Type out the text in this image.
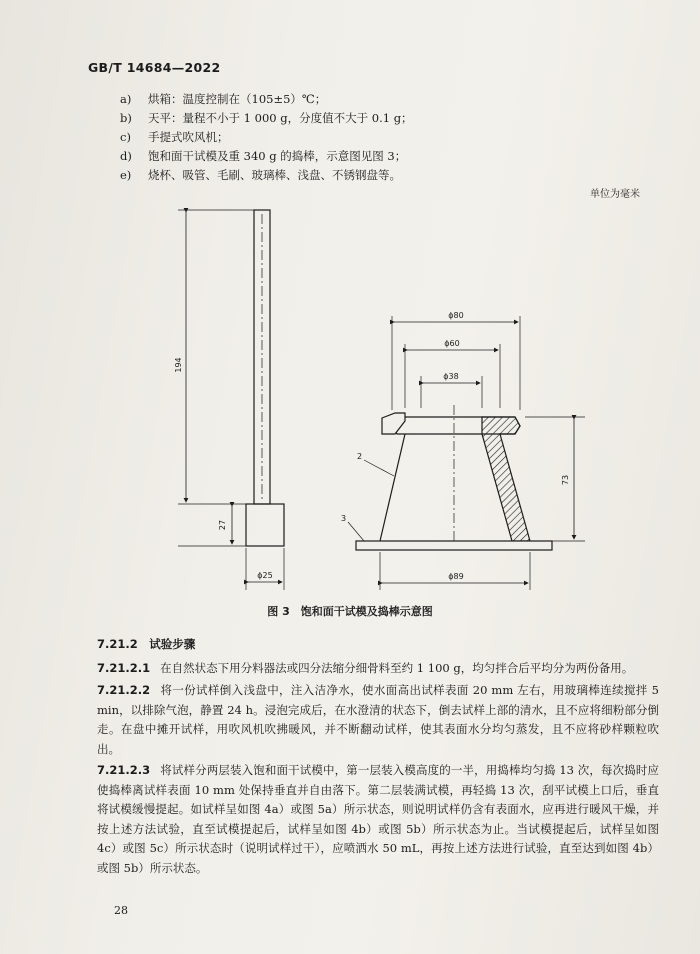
GB/T 14684—2022
a) 烘箱：温度控制在（105±5）℃；
b) 天平：量程不小于 1 000 g，分度值不大于 0.1 g；
c) 手提式吹风机；
d) 饱和面干试模及重 340 g 的捣棒，示意图见图 3；
e) 烧杯、吸管、毛刷、玻璃棒、浅盘、不锈钢盘等。
单位为毫米
194
27
ϕ25
ϕ80
ϕ60
ϕ38
73
ϕ89
2
3
图 3　饱和面干试模及捣棒示意图
7.21.2　 试验步骤
7.21.2.1 在自然状态下用分料器法或四分法缩分细骨料至约 1 100 g，均匀拌合后平均分为两份备用。
7.21.2.2 将一份试样倒入浅盘中，注入洁净水，使水面高出试样表面 20 mm 左右，用玻璃棒连续搅拌 5 min，以排除气泡，静置 24 h。浸泡完成后，在水澄清的状态下，倒去试样上部的清水，且不应将细粉部分倒走。在盘中摊开试样，用吹风机吹拂暖风，并不断翻动试样，使其表面水分均匀蒸发，且不应将砂样颗粒吹出。
7.21.2.3 将试样分两层装入饱和面干试模中，第一层装入模高度的一半，用捣棒均匀捣 13 次，每次捣时应使捣棒离试样表面 10 mm 处保持垂直并自由落下。第二层装满试模，再轻捣 13 次，刮平试模上口后，垂直将试模缓慢提起。如试样呈如图 4a）或图 5a）所示状态，则说明试样仍含有表面水，应再进行暖风干燥，并按上述方法试验，直至试模提起后，试样呈如图 4b）或图 5b）所示状态为止。当试模提起后，试样呈如图 4c）或图 5c）所示状态时（说明试样过干），应喷洒水 50 mL，再按上述方法进行试验，直至达到如图 4b）或图 5b）所示状态。
28
